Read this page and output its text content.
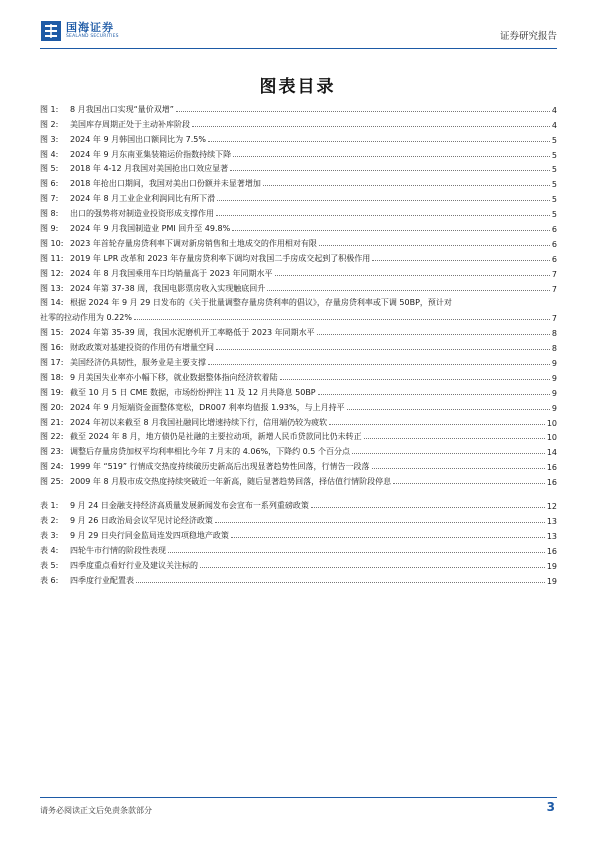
国海证券
SEALAND SECURITIES	证券研究报告
图表目录
图 1:	8 月我国出口实现“量价双增”	4
图 2:	美国库存周期正处于主动补库阶段	4
图 3:	2024 年 9 月韩国出口额同比为 7.5%	5
图 4:	2024 年 9 月东南亚集装箱运价指数持续下降	5
图 5:	2018 年 4-12 月我国对美国抢出口效应显著	5
图 6:	2018 年抢出口期间，我国对美出口份额并未显著增加	5
图 7:	2024 年 8 月工业企业利润同比有所下滑	5
图 8:	出口的强势将对制造业投资形成支撑作用	5
图 9:	2024 年 9 月我国制造业 PMI 回升至 49.8%	6
图 10: 2023 年首轮存量房贷利率下调对新房销售和土地成交的作用相对有限	6
图 11: 2019 年 LPR 改革和 2023 年存量房贷利率下调均对我国二手房成交起到了积极作用	6
图 12: 2024 年 8 月我国乘用车日均销量高于 2023 年同期水平	7
图 13: 2024 年第 37-38 周，我国电影票房收入实现触底回升	7
图 14: 根据 2024 年 9 月 29 日发布的《关于批量调整存量房贷利率的倡议》，存量房贷利率或下调 50BP，预计对
社零的拉动作用为 0.22%	7
图 15: 2024 年第 35-39 周，我国水泥磨机开工率略低于 2023 年同期水平	8
图 16: 财政政策对基建投资的作用仍有增量空间	8
图 17: 美国经济仍具韧性，服务业是主要支撑	9
图 18: 9 月美国失业率亦小幅下移，就业数据整体指向经济软着陆	9
图 19: 截至 10 月 5 日 CME 数据，市场纷纷押注 11 及 12 月共降息 50BP	9
图 20: 2024 年 9 月短端资金面整体宽松，DR007 利率均值报 1.93%，与上月持平	9
图 21: 2024 年初以来截至 8 月我国社融同比增速持续下行，信用端仍较为疲软	10
图 22: 截至 2024 年 8 月，地方债仍是社融的主要拉动项，新增人民币贷款同比仍未转正	10
图 23: 调整后存量房贷加权平均利率相比今年 7 月末的 4.06%，下降约 0.5 个百分点	14
图 24: 1999 年 “519” 行情成交热度持续破历史新高后出现显著趋势性回落，行情告一段落	16
图 25: 2009 年 8 月股市成交热度持续突破近一年新高，随后显著趋势回落，择估值行情阶段停息	16
表 1:	9 月 24 日金融支持经济高质量发展新闻发布会宣布一系列重磅政策	12
表 2:	9 月 26 日政治局会议罕见讨论经济政策	13
表 3:	9 月 29 日央行同金监局连发四项稳地产政策	13
表 4:	四轮牛市行情的阶段性表现	16
表 5:	四季度重点看好行业及建议关注标的	19
表 6:	四季度行业配置表	19
请务必阅读正文后免责条款部分	3
